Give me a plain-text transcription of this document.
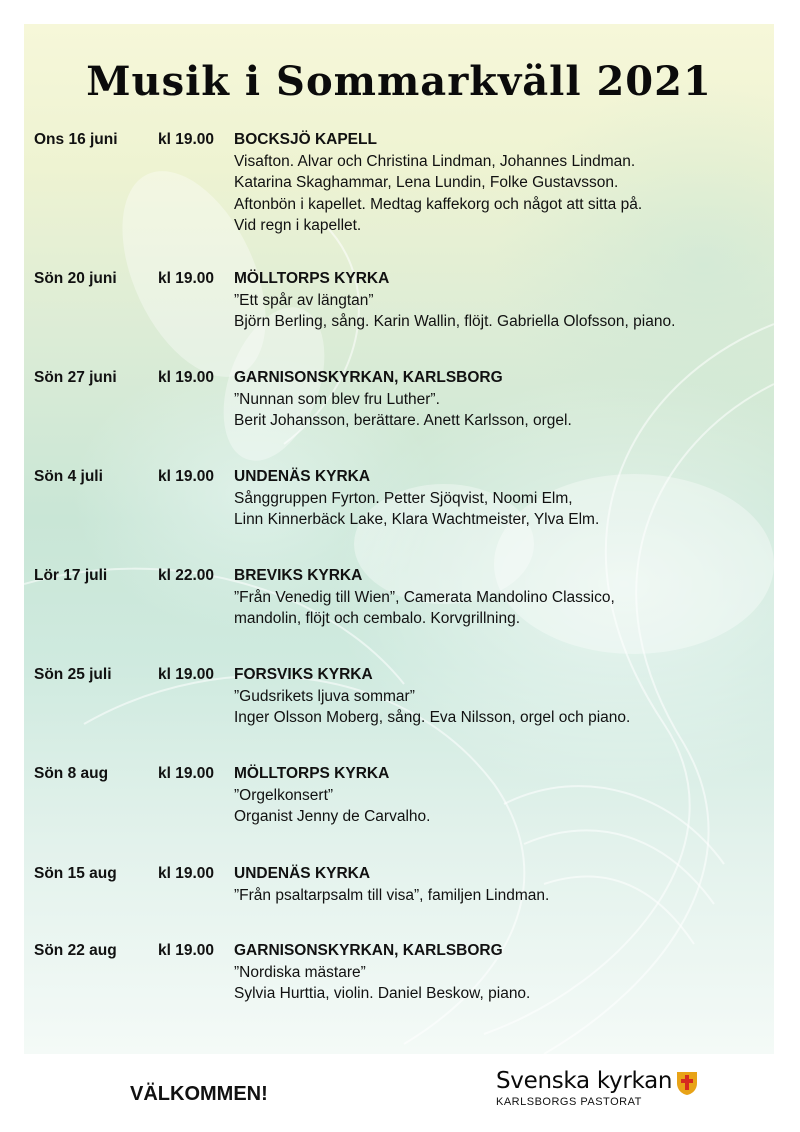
Musik i Sommarkväll 2021
Ons 16 juni	kl 19.00 BOCKSJÖ KAPELL
Visafton. Alvar och Christina Lindman, Johannes Lindman.
Katarina Skaghammar, Lena Lundin, Folke Gustavsson.
Aftonbön i kapellet. Medtag kaffekorg och något att sitta på.
Vid regn i kapellet.
Sön 20 juni	kl 19.00 MÖLLTORPS KYRKA
”Ett spår av längtan”
Björn Berling, sång. Karin Wallin, flöjt. Gabriella Olofsson, piano.
Sön 27 juni	kl 19.00 GARNISONSKYRKAN, KARLSBORG
”Nunnan som blev fru Luther”.
Berit Johansson, berättare. Anett Karlsson, orgel.
Sön 4 juli	kl 19.00 UNDENÄS KYRKA
Sånggruppen Fyrton. Petter Sjöqvist, Noomi Elm,
Linn Kinnerbäck Lake, Klara Wachtmeister, Ylva Elm.
Lör 17 juli	kl 22.00 BREVIKS KYRKA
”Från Venedig till Wien”, Camerata Mandolino Classico,
mandolin, flöjt och cembalo. Korvgrillning.
Sön 25 juli	kl 19.00 FORSVIKS KYRKA
”Gudsrikets ljuva sommar”
Inger Olsson Moberg, sång. Eva Nilsson, orgel och piano.
Sön 8 aug	kl 19.00 MÖLLTORPS KYRKA
”Orgelkonsert”
Organist Jenny de Carvalho.
Sön 15 aug	kl 19.00 UNDENÄS KYRKA
”Från psaltarpsalm till visa”, familjen Lindman.
Sön 22 aug	kl 19.00 GARNISONSKYRKAN, KARLSBORG
”Nordiska mästare”
Sylvia Hurttia, violin. Daniel Beskow, piano.
VÄLKOMMEN!	Svenska kyrkan
KARLSBORGS PASTORAT
